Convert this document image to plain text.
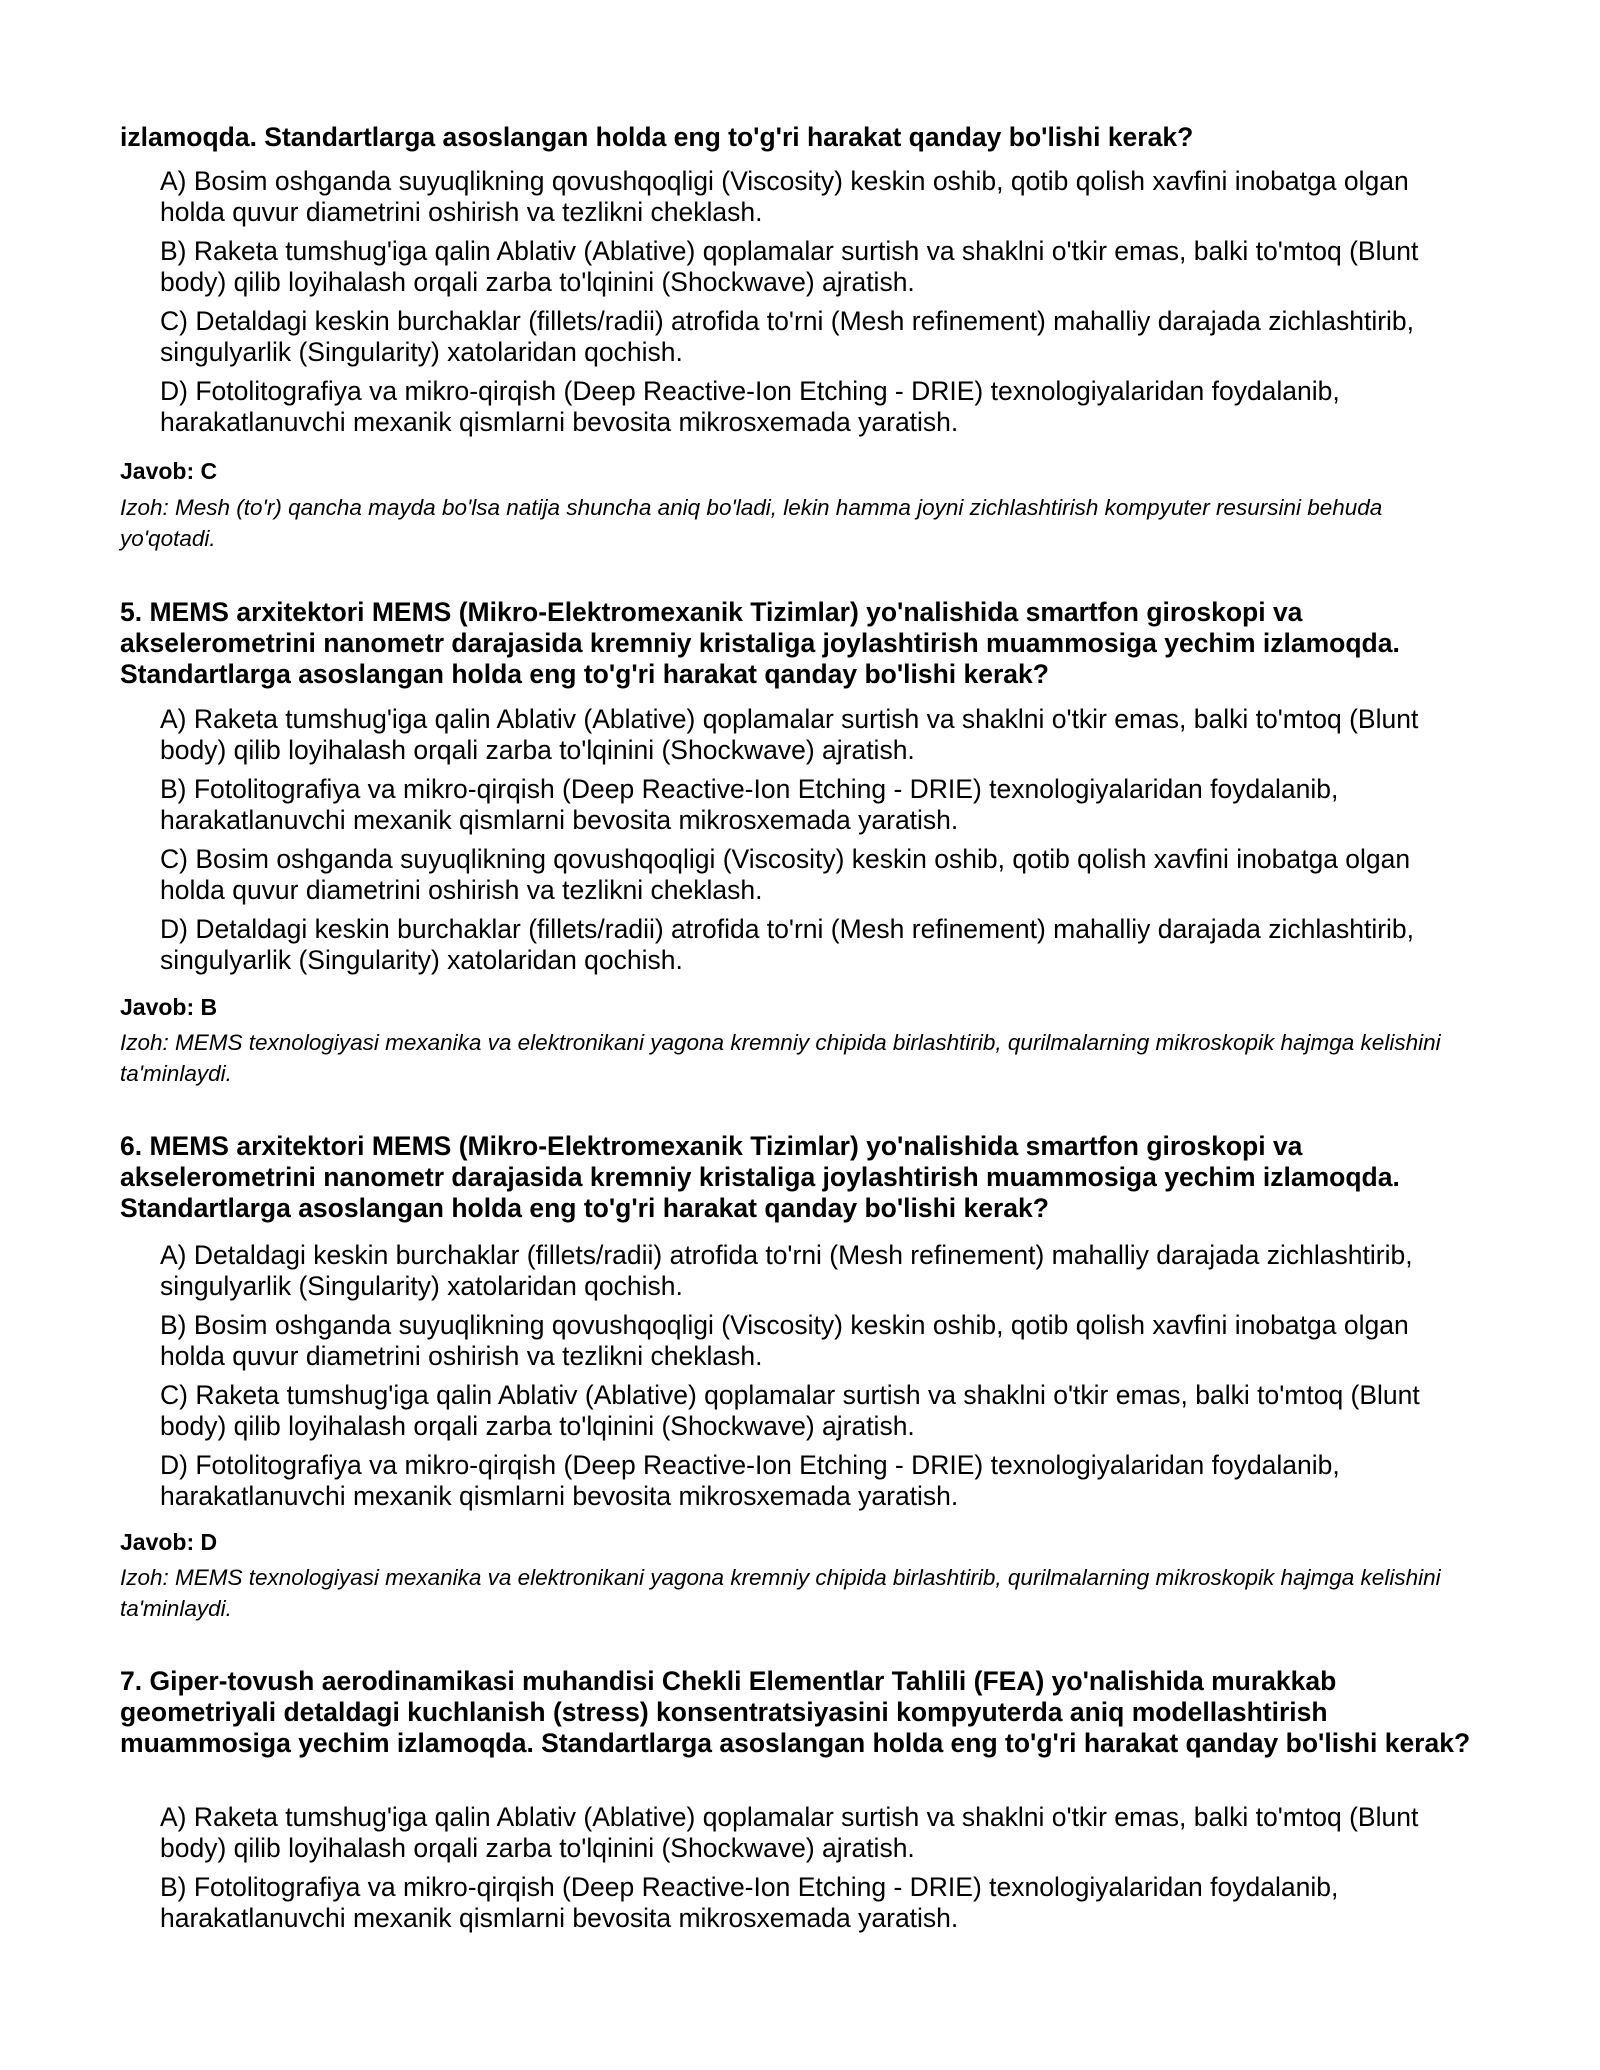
izlamoqda. Standartlarga asoslangan holda eng to'g'ri harakat qanday bo'lishi kerak?

A) Bosim oshganda suyuqlikning qovushqoqligi (Viscosity) keskin oshib, qotib qolish xavfini inobatga olgan holda quvur diametrini oshirish va tezlikni cheklash.
B) Raketa tumshug'iga qalin Ablativ (Ablative) qoplamalar surtish va shaklni o'tkir emas, balki to'mtoq (Blunt body) qilib loyihalash orqali zarba to'lqinini (Shockwave) ajratish.
C) Detaldagi keskin burchaklar (fillets/radii) atrofida to'rni (Mesh refinement) mahalliy darajada zichlashtirib, singulyarlik (Singularity) xatolaridan qochish.
D) Fotolitografiya va mikro-qirqish (Deep Reactive-Ion Etching - DRIE) texnologiyalaridan foydalanib, harakatlanuvchi mexanik qismlarni bevosita mikrosxemada yaratish.
Javob: C
Izoh: Mesh (to'r) qancha mayda bo'lsa natija shuncha aniq bo'ladi, lekin hamma joyni zichlashtirish kompyuter resursini behuda yo'qotadi.

5. MEMS arxitektori MEMS (Mikro-Elektromexanik Tizimlar) yo'nalishida smartfon giroskopi va akselerometrini nanometr darajasida kremniy kristaliga joylashtirish muammosiga yechim izlamoqda. Standartlarga asoslangan holda eng to'g'ri harakat qanday bo'lishi kerak?

A) Raketa tumshug'iga qalin Ablativ (Ablative) qoplamalar surtish va shaklni o'tkir emas, balki to'mtoq (Blunt body) qilib loyihalash orqali zarba to'lqinini (Shockwave) ajratish.
B) Fotolitografiya va mikro-qirqish (Deep Reactive-Ion Etching - DRIE) texnologiyalaridan foydalanib, harakatlanuvchi mexanik qismlarni bevosita mikrosxemada yaratish.
C) Bosim oshganda suyuqlikning qovushqoqligi (Viscosity) keskin oshib, qotib qolish xavfini inobatga olgan holda quvur diametrini oshirish va tezlikni cheklash.
D) Detaldagi keskin burchaklar (fillets/radii) atrofida to'rni (Mesh refinement) mahalliy darajada zichlashtirib, singulyarlik (Singularity) xatolaridan qochish.
Javob: B
Izoh: MEMS texnologiyasi mexanika va elektronikani yagona kremniy chipida birlashtirib, qurilmalarning mikroskopik hajmga kelishini ta'minlaydi.

6. MEMS arxitektori MEMS (Mikro-Elektromexanik Tizimlar) yo'nalishida smartfon giroskopi va akselerometrini nanometr darajasida kremniy kristaliga joylashtirish muammosiga yechim izlamoqda. Standartlarga asoslangan holda eng to'g'ri harakat qanday bo'lishi kerak?

A) Detaldagi keskin burchaklar (fillets/radii) atrofida to'rni (Mesh refinement) mahalliy darajada zichlashtirib, singulyarlik (Singularity) xatolaridan qochish.
B) Bosim oshganda suyuqlikning qovushqoqligi (Viscosity) keskin oshib, qotib qolish xavfini inobatga olgan holda quvur diametrini oshirish va tezlikni cheklash.
C) Raketa tumshug'iga qalin Ablativ (Ablative) qoplamalar surtish va shaklni o'tkir emas, balki to'mtoq (Blunt body) qilib loyihalash orqali zarba to'lqinini (Shockwave) ajratish.
D) Fotolitografiya va mikro-qirqish (Deep Reactive-Ion Etching - DRIE) texnologiyalaridan foydalanib, harakatlanuvchi mexanik qismlarni bevosita mikrosxemada yaratish.
Javob: D
Izoh: MEMS texnologiyasi mexanika va elektronikani yagona kremniy chipida birlashtirib, qurilmalarning mikroskopik hajmga kelishini ta'minlaydi.

7. Giper-tovush aerodinamikasi muhandisi Chekli Elementlar Tahlili (FEA) yo'nalishida murakkab geometriyali detaldagi kuchlanish (stress) konsentratsiyasini kompyuterda aniq modellashtirish muammosiga yechim izlamoqda. Standartlarga asoslangan holda eng to'g'ri harakat qanday bo'lishi kerak?

A) Raketa tumshug'iga qalin Ablativ (Ablative) qoplamalar surtish va shaklni o'tkir emas, balki to'mtoq (Blunt body) qilib loyihalash orqali zarba to'lqinini (Shockwave) ajratish.
B) Fotolitografiya va mikro-qirqish (Deep Reactive-Ion Etching - DRIE) texnologiyalaridan foydalanib, harakatlanuvchi mexanik qismlarni bevosita mikrosxemada yaratish.
